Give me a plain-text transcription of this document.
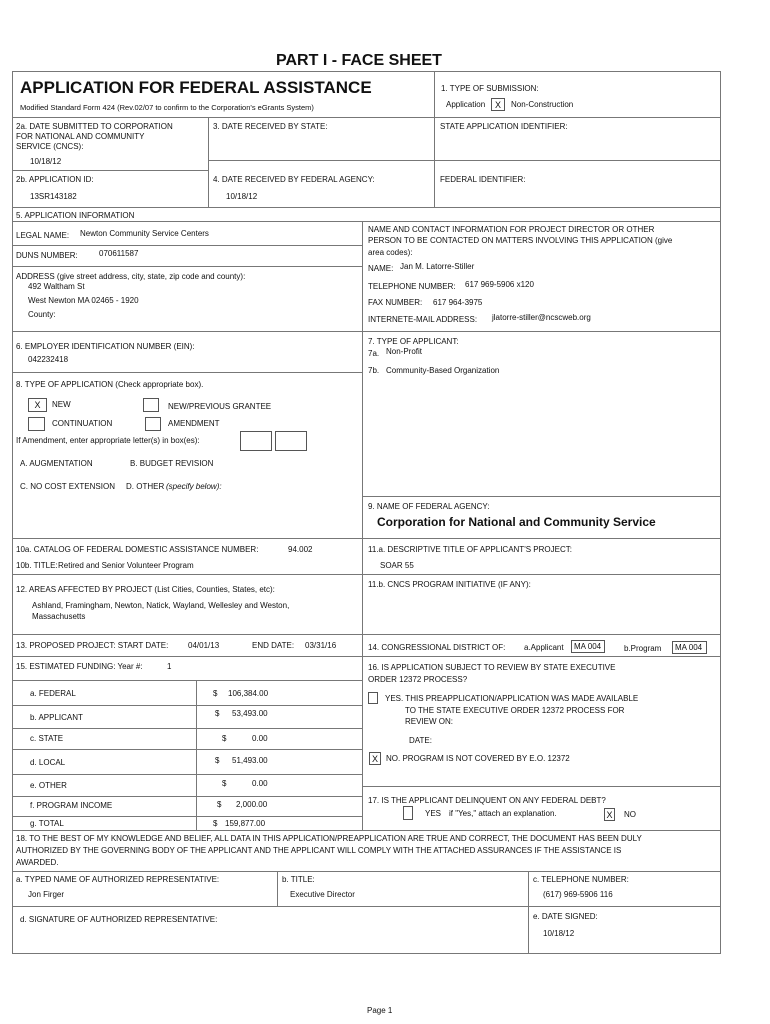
PART I - FACE SHEET
APPLICATION FOR FEDERAL ASSISTANCE
Modified Standard Form 424 (Rev.02/07 to confirm to the Corporation's eGrants System)
1. TYPE OF SUBMISSION:
Application	X	Non-Construction
2a. DATE SUBMITTED TO CORPORATION
FOR NATIONAL AND COMMUNITY
SERVICE (CNCS):
10/18/12
3. DATE RECEIVED BY STATE:	STATE APPLICATION IDENTIFIER:
2b. APPLICATION ID:
13SR143182
4. DATE RECEIVED BY FEDERAL AGENCY:
10/18/12
FEDERAL IDENTIFIER:
5. APPLICATION INFORMATION
LEGAL NAME: Newton Community Service Centers
DUNS NUMBER:	070611587
ADDRESS (give street address, city, state, zip code and county):
492 Waltham St
West Newton MA 02465 - 1920
County:
NAME AND CONTACT INFORMATION FOR PROJECT DIRECTOR OR OTHER
PERSON TO BE CONTACTED ON MATTERS INVOLVING THIS APPLICATION (give
area codes):
NAME: Jan M. Latorre-Stiller
TELEPHONE NUMBER: 617 969-5906 x120
FAX NUMBER: 617 964-3975
INTERNETE-MAIL ADDRESS: jlatorre-stiller@ncscweb.org
6. EMPLOYER IDENTIFICATION NUMBER (EIN):
042232418
7. TYPE OF APPLICANT:
7a. Non-Profit
7b. Community-Based Organization
8. TYPE OF APPLICATION (Check appropriate box).
X	NEW	NEW/PREVIOUS GRANTEE
CONTINUATION	AMENDMENT
If Amendment, enter appropriate letter(s) in box(es):
A. AUGMENTATION	B. BUDGET REVISION
C. NO COST EXTENSION D. OTHER (specify below):
9. NAME OF FEDERAL AGENCY:
Corporation for National and Community Service
10a. CATALOG OF FEDERAL DOMESTIC ASSISTANCE NUMBER:	94.002
10b. TITLE: Retired and Senior Volunteer Program
11.a. DESCRIPTIVE TITLE OF APPLICANT'S PROJECT:
SOAR 55
11.b. CNCS PROGRAM INITIATIVE (IF ANY):
12. AREAS AFFECTED BY PROJECT (List Cities, Counties, States, etc):
Ashland, Framingham, Newton, Natick, Wayland, Wellesley and Weston,
Massachusetts
13. PROPOSED PROJECT: START DATE: 04/01/13	END DATE: 03/31/16	14. CONGRESSIONAL DISTRICT OF: a.Applicant	MA 004	b.Program	MA 004
15. ESTIMATED FUNDING: Year #:	1
a. FEDERAL	$ 106,384.00
b. APPLICANT	$ 53,493.00
c. STATE	$	0.00
d. LOCAL	$ 51,493.00
e. OTHER	$	0.00
f. PROGRAM INCOME	$ 2,000.00
g. TOTAL	$ 159,877.00
16. IS APPLICATION SUBJECT TO REVIEW BY STATE EXECUTIVE
ORDER 12372 PROCESS?
YES. THIS PREAPPLICATION/APPLICATION WAS MADE AVAILABLE
TO THE STATE EXECUTIVE ORDER 12372 PROCESS FOR
REVIEW ON:
DATE:
X	NO. PROGRAM IS NOT COVERED BY E.O. 12372
17. IS THE APPLICANT DELINQUENT ON ANY FEDERAL DEBT?
YES if "Yes," attach an explanation.	X	NO
18. TO THE BEST OF MY KNOWLEDGE AND BELIEF, ALL DATA IN THIS APPLICATION/PREAPPLICATION ARE TRUE AND CORRECT, THE DOCUMENT HAS BEEN DULY
AUTHORIZED BY THE GOVERNING BODY OF THE APPLICANT AND THE APPLICANT WILL COMPLY WITH THE ATTACHED ASSURANCES IF THE ASSISTANCE IS
AWARDED.
a. TYPED NAME OF AUTHORIZED REPRESENTATIVE:
Jon Firger
b. TITLE:
Executive Director
c. TELEPHONE NUMBER:
(617) 969-5906 116
d. SIGNATURE OF AUTHORIZED REPRESENTATIVE:	e. DATE SIGNED:
10/18/12
Page 1
